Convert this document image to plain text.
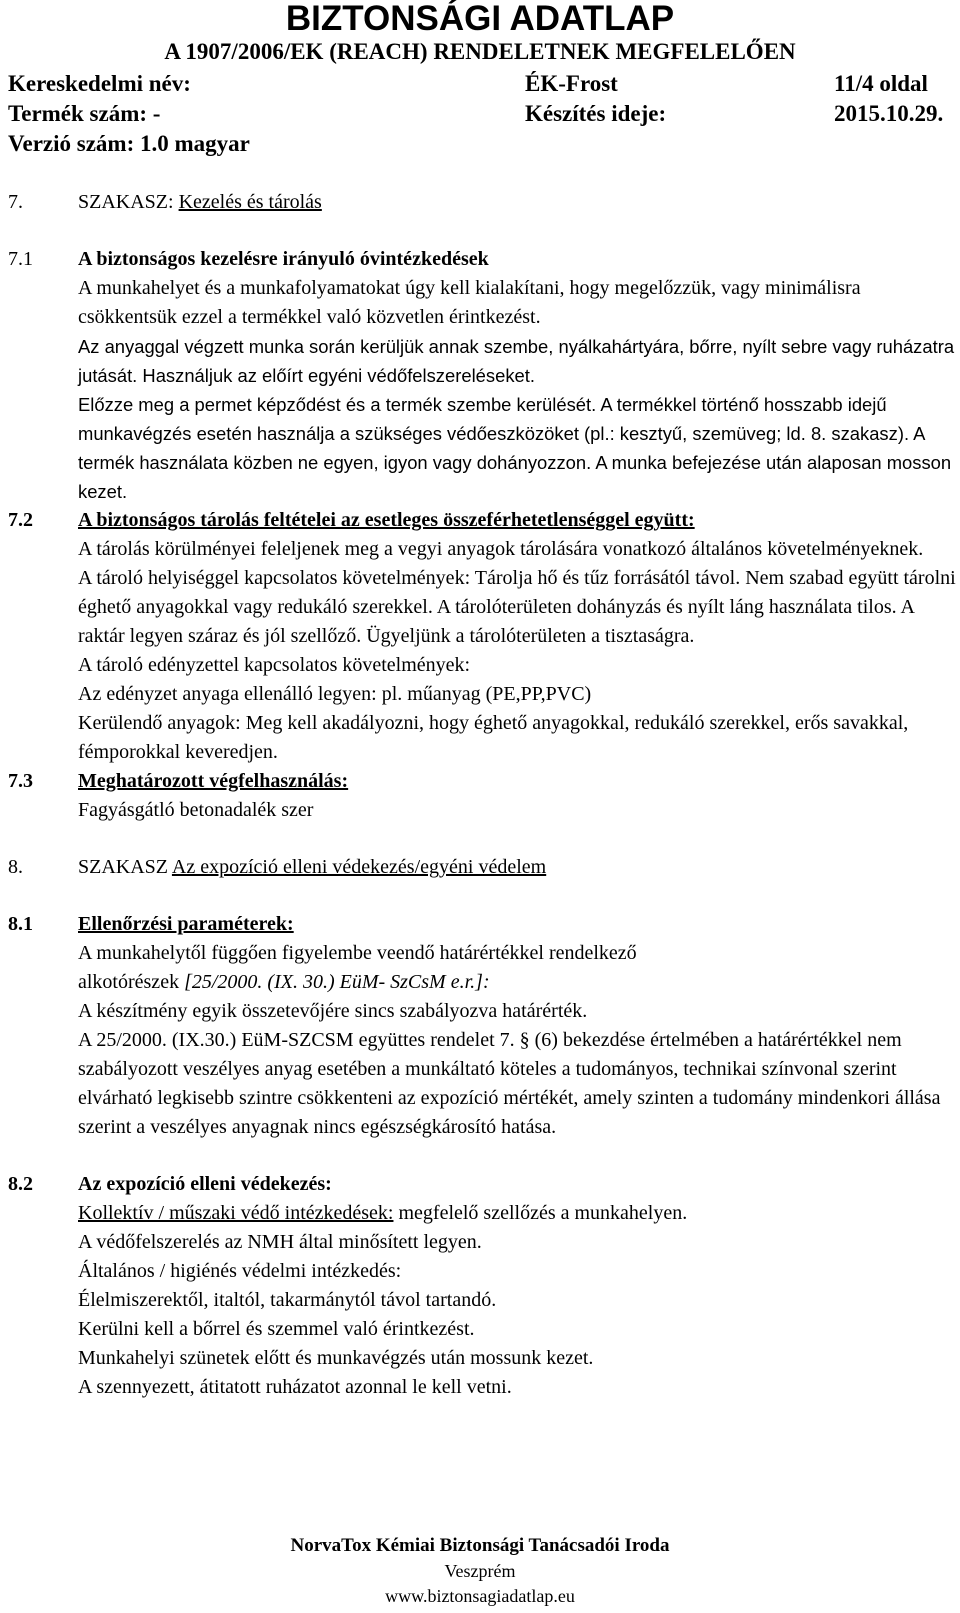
BIZTONSÁGI ADATLAP
A 1907/2006/EK (REACH) RENDELETNEK MEGFELELŐEN
Kereskedelmi név:	ÉK-Frost	11/4 oldal
Termék szám: -	Készítés ideje:	2015.10.29.
Verzió szám: 1.0 magyar
7.	SZAKASZ: Kezelés és tárolás
7.1	A biztonságos kezelésre irányuló óvintézkedések

A munkahelyet és a munkafolyamatokat úgy kell kialakítani, hogy megelőzzük, vagy minimálisra csökkentsük ezzel a termékkel való közvetlen érintkezést.

Az anyaggal végzett munka során kerüljük annak szembe, nyálkahártyára, bőrre, nyílt sebre vagy ruházatra jutását. Használjuk az előírt egyéni védőfelszereléseket.

Előzze meg a permet képződést és a termék szembe kerülését. A termékkel történő hosszabb idejű munkavégzés esetén használja a szükséges védőeszközöket (pl.: kesztyű, szemüveg; ld. 8. szakasz). A termék használata közben ne egyen, igyon vagy dohányozzon. A munka befejezése után alaposan mosson kezet.

7.2	A biztonságos tárolás feltételei az esetleges összeférhetetlenséggel együtt:

A tárolás körülményei feleljenek meg a vegyi anyagok tárolására vonatkozó általános követelményeknek.

A tároló helyiséggel kapcsolatos követelmények: Tárolja hő és tűz forrásától távol. Nem szabad együtt tárolni éghető anyagokkal vagy redukáló szerekkel. A tárolóterületen dohányzás és nyílt láng használata tilos. A raktár legyen száraz és jól szellőző. Ügyeljünk a tárolóterületen a tisztaságra.

A tároló edényzettel kapcsolatos követelmények:

Az edényzet anyaga ellenálló legyen: pl. műanyag (PE,PP,PVC)

Kerülendő anyagok: Meg kell akadályozni, hogy éghető anyagokkal, redukáló szerekkel, erős savakkal, fémporokkal keveredjen.

7.3	Meghatározott végfelhasználás:

Fagyásgátló betonadalék szer

8.	SZAKASZ Az expozíció elleni védekezés/egyéni védelem
8.1	Ellenőrzési paraméterek:

A munkahelytől függően figyelembe veendő határértékkel rendelkező

alkotórészek [25/2000. (IX. 30.) EüM- SzCsM e.r.]:

A készítmény egyik összetevőjére sincs szabályozva határérték.

A 25/2000. (IX.30.) EüM-SZCSM együttes rendelet 7. § (6) bekezdése értelmében a határértékkel nem szabályozott veszélyes anyag esetében a munkáltató köteles a tudományos, technikai színvonal szerint elvárható legkisebb szintre csökkenteni az expozíció mértékét, amely szinten a tudomány mindenkori állása szerint a veszélyes anyagnak nincs egészségkárosító hatása.

8.2	Az expozíció elleni védekezés:

Kollektív / műszaki védő intézkedések: megfelelő szellőzés a munkahelyen.

A védőfelszerelés az NMH által minősített legyen.

Általános / higiénés védelmi intézkedés:

Élelmiszerektől, italtól, takarmánytól távol tartandó.

Kerülni kell a bőrrel és szemmel való érintkezést.

Munkahelyi szünetek előtt és munkavégzés után mossunk kezet.

A szennyezett, átitatott ruházatot azonnal le kell vetni.

NorvaTox Kémiai Biztonsági Tanácsadói Iroda
Veszprém
www.biztonsagiadatlap.eu
